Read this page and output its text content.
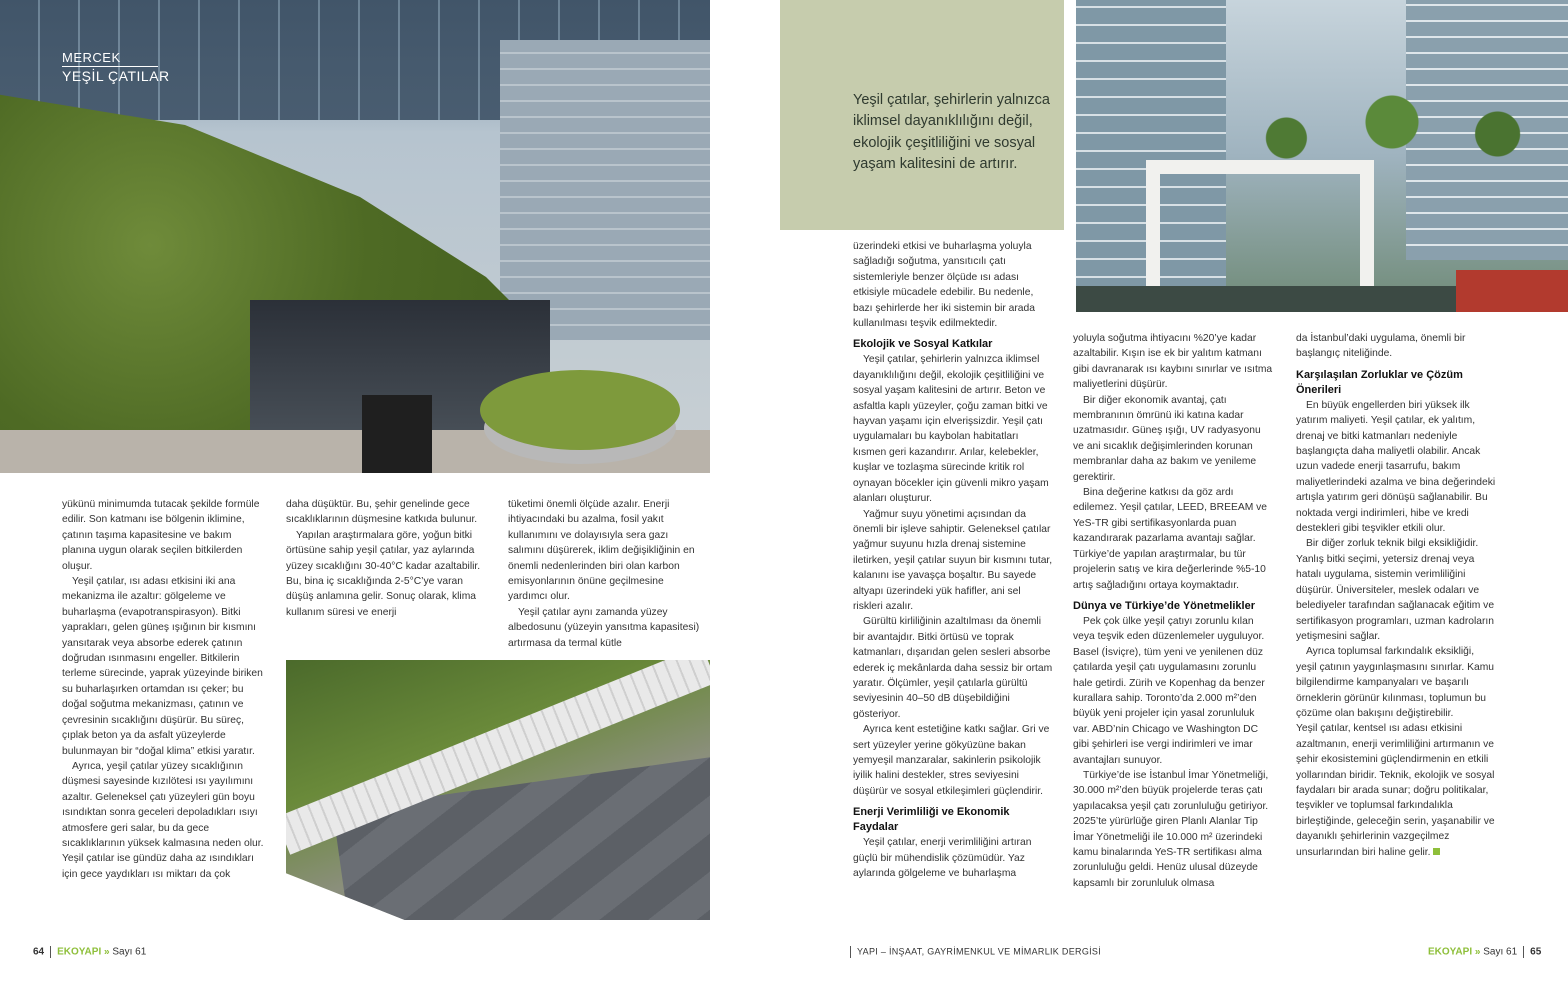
MERCEK
YEŞİL ÇATILAR

yükünü minimumda tutacak şekilde formüle edilir. Son katmanı ise bölgenin iklimine, çatının taşıma kapasitesine ve bakım planına uygun olarak seçilen bitkilerden oluşur.

Yeşil çatılar, ısı adası etkisini iki ana mekanizma ile azaltır: gölgeleme ve buharlaşma (evapotranspirasyon). Bitki yaprakları, gelen güneş ışığının bir kısmını yansıtarak veya absorbe ederek çatının doğrudan ısınmasını engeller. Bitkilerin terleme sürecinde, yaprak yüzeyinde biriken su buharlaşırken ortamdan ısı çeker; bu doğal soğutma mekanizması, çatının ve çevresinin sıcaklığını düşürür. Bu süreç, çıplak beton ya da asfalt yüzeylerde bulunmayan bir “doğal klima” etkisi yaratır.

Ayrıca, yeşil çatılar yüzey sıcaklığının düşmesi sayesinde kızılötesi ısı yayılımını azaltır. Geleneksel çatı yüzeyleri gün boyu ısındıktan sonra geceleri depoladıkları ısıyı atmosfere geri salar, bu da gece sıcaklıklarının yüksek kalmasına neden olur. Yeşil çatılar ise gündüz daha az ısındıkları için gece yaydıkları ısı miktarı da çok

daha düşüktür. Bu, şehir genelinde gece sıcaklıklarının düşmesine katkıda bulunur.

Yapılan araştırmalara göre, yoğun bitki örtüsüne sahip yeşil çatılar, yaz aylarında yüzey sıcaklığını 30-40°C kadar azaltabilir. Bu, bina iç sıcaklığında 2-5°C’ye varan düşüş anlamına gelir. Sonuç olarak, klima kullanım süresi ve enerji

tüketimi önemli ölçüde azalır. Enerji ihtiyacındaki bu azalma, fosil yakıt kullanımını ve dolayısıyla sera gazı salımını düşürerek, iklim değişikliğinin en önemli nedenlerinden biri olan karbon emisyonlarının önüne geçilmesine yardımcı olur.

Yeşil çatılar aynı zamanda yüzey albedosunu (yüzeyin yansıtma kapasitesi) artırmasa da termal kütle

64 EKOYAPI » Sayı 61
Yeşil çatılar, şehirlerin yalnızca iklimsel dayanıklılığını değil, ekolojik çeşitliliğini ve sosyal yaşam kalitesini de artırır.

üzerindeki etkisi ve buharlaşma yoluyla sağladığı soğutma, yansıtıcılı çatı sistemleriyle benzer ölçüde ısı adası etkisiyle mücadele edebilir. Bu nedenle, bazı şehirlerde her iki sistemin bir arada kullanılması teşvik edilmektedir.

Ekolojik ve Sosyal Katkılar

Yeşil çatılar, şehirlerin yalnızca iklimsel dayanıklılığını değil, ekolojik çeşitliliğini ve sosyal yaşam kalitesini de artırır. Beton ve asfaltla kaplı yüzeyler, çoğu zaman bitki ve hayvan yaşamı için elverişsizdir. Yeşil çatı uygulamaları bu kaybolan habitatları kısmen geri kazandırır. Arılar, kelebekler, kuşlar ve tozlaşma sürecinde kritik rol oynayan böcekler için güvenli mikro yaşam alanları oluşturur.

Yağmur suyu yönetimi açısından da önemli bir işleve sahiptir. Geleneksel çatılar yağmur suyunu hızla drenaj sistemine iletirken, yeşil çatılar suyun bir kısmını tutar, kalanını ise yavaşça boşaltır. Bu sayede altyapı üzerindeki yük hafifler, ani sel riskleri azalır.

Gürültü kirliliğinin azaltılması da önemli bir avantajdır. Bitki örtüsü ve toprak katmanları, dışarıdan gelen sesleri absorbe ederek iç mekânlarda daha sessiz bir ortam yaratır. Ölçümler, yeşil çatılarla gürültü seviyesinin 40–50 dB düşebildiğini gösteriyor.

Ayrıca kent estetiğine katkı sağlar. Gri ve sert yüzeyler yerine gökyüzüne bakan yemyeşil manzaralar, sakinlerin psikolojik iyilik halini destekler, stres seviyesini düşürür ve sosyal etkileşimleri güçlendirir.

Enerji Verimliliği ve Ekonomik Faydalar

Yeşil çatılar, enerji verimliliğini artıran güçlü bir mühendislik çözümüdür. Yaz aylarında gölgeleme ve buharlaşma

yoluyla soğutma ihtiyacını %20’ye kadar azaltabilir. Kışın ise ek bir yalıtım katmanı gibi davranarak ısı kaybını sınırlar ve ısıtma maliyetlerini düşürür.

Bir diğer ekonomik avantaj, çatı membranının ömrünü iki katına kadar uzatmasıdır. Güneş ışığı, UV radyasyonu ve ani sıcaklık değişimlerinden korunan membranlar daha az bakım ve yenileme gerektirir.

Bina değerine katkısı da göz ardı edilemez. Yeşil çatılar, LEED, BREEAM ve YeS-TR gibi sertifikasyonlarda puan kazandırarak pazarlama avantajı sağlar. Türkiye’de yapılan araştırmalar, bu tür projelerin satış ve kira değerlerinde %5-10 artış sağladığını ortaya koymaktadır.

Dünya ve Türkiye’de Yönetmelikler

Pek çok ülke yeşil çatıyı zorunlu kılan veya teşvik eden düzenlemeler uyguluyor. Basel (İsviçre), tüm yeni ve yenilenen düz çatılarda yeşil çatı uygulamasını zorunlu hale getirdi. Zürih ve Kopenhag da benzer kurallara sahip. Toronto’da 2.000 m²’den büyük yeni projeler için yasal zorunluluk var. ABD’nin Chicago ve Washington DC gibi şehirleri ise vergi indirimleri ve imar avantajları sunuyor.

Türkiye’de ise İstanbul İmar Yönetmeliği, 30.000 m²’den büyük projelerde teras çatı yapılacaksa yeşil çatı zorunluluğu getiriyor. 2025’te yürürlüğe giren Planlı Alanlar Tip İmar Yönetmeliği ile 10.000 m² üzerindeki kamu binalarında YeS-TR sertifikası alma zorunluluğu geldi. Henüz ulusal düzeyde kapsamlı bir zorunluluk olmasa

da İstanbul’daki uygulama, önemli bir başlangıç niteliğinde.

Karşılaşılan Zorluklar ve Çözüm Önerileri

En büyük engellerden biri yüksek ilk yatırım maliyeti. Yeşil çatılar, ek yalıtım, drenaj ve bitki katmanları nedeniyle başlangıçta daha maliyetli olabilir. Ancak uzun vadede enerji tasarrufu, bakım maliyetlerindeki azalma ve bina değerindeki artışla yatırım geri dönüşü sağlanabilir. Bu noktada vergi indirimleri, hibe ve kredi destekleri gibi teşvikler etkili olur.

Bir diğer zorluk teknik bilgi eksikliğidir. Yanlış bitki seçimi, yetersiz drenaj veya hatalı uygulama, sistemin verimliliğini düşürür. Üniversiteler, meslek odaları ve belediyeler tarafından sağlanacak eğitim ve sertifikasyon programları, uzman kadroların yetişmesini sağlar.

Ayrıca toplumsal farkındalık eksikliği, yeşil çatının yaygınlaşmasını sınırlar. Kamu bilgilendirme kampanyaları ve başarılı örneklerin görünür kılınması, toplumun bu çözüme olan bakışını değiştirebilir.

Yeşil çatılar, kentsel ısı adası etkisini azaltmanın, enerji verimliliğini artırmanın ve şehir ekosistemini güçlendirmenin en etkili yollarından biridir. Teknik, ekolojik ve sosyal faydaları bir arada sunar; doğru politikalar, teşvikler ve toplumsal farkındalıkla birleştiğinde, geleceğin serin, yaşanabilir ve dayanıklı şehirlerinin vazgeçilmez unsurlarından biri haline gelir.

YAPI – İNŞAAT, GAYRİMENKUL VE MİMARLIK DERGİSİ	EKOYAPI » Sayı 61 65
